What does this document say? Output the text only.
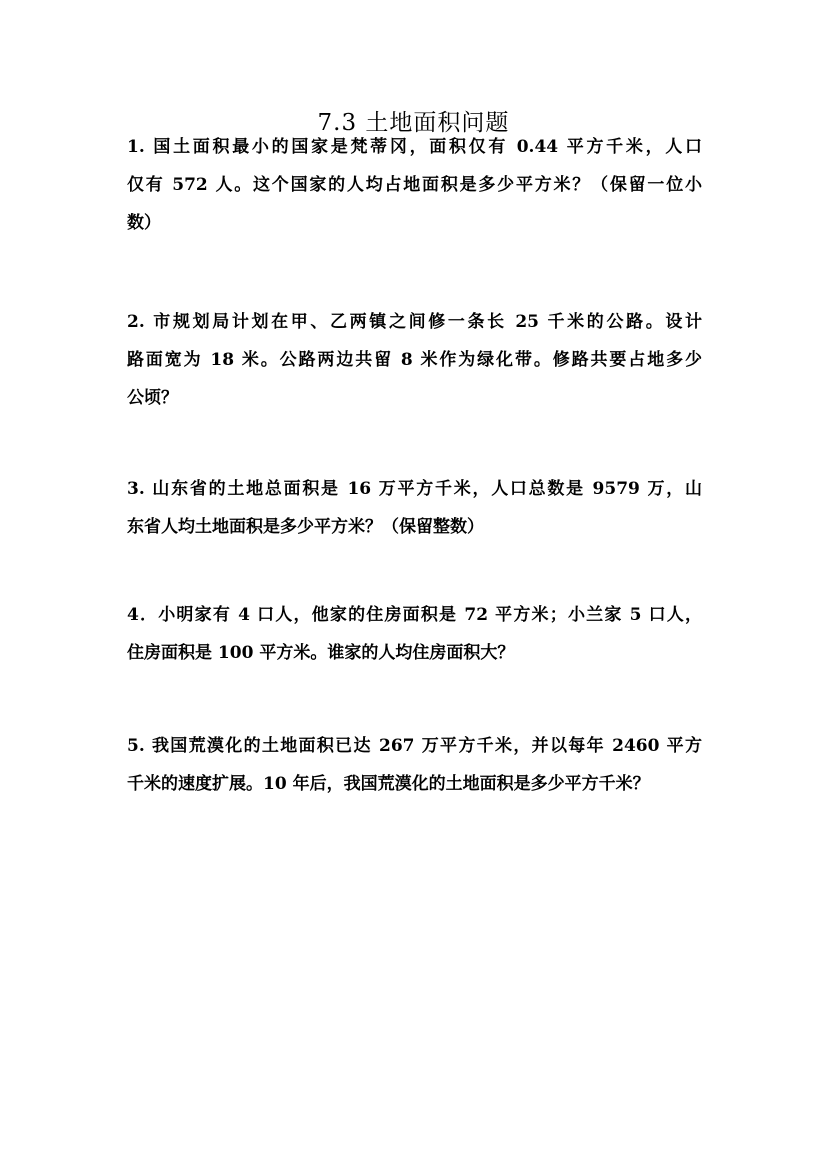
7.3 土地面积问题
1. 国土面积最小的国家是梵蒂冈，面积仅有 0.44 平方千米，人口
仅有 572 人。这个国家的人均占地面积是多少平方米？（保留一位小
数）
2. 市规划局计划在甲、乙两镇之间修一条长 25 千米的公路。设计
路面宽为 18 米。公路两边共留 8 米作为绿化带。修路共要占地多少
公顷？
3. 山东省的土地总面积是 16 万平方千米，人口总数是 9579 万，山
东省人均土地面积是多少平方米？（保留整数）
4．小明家有 4 口人，他家的住房面积是 72 平方米；小兰家 5 口人，
住房面积是 100 平方米。谁家的人均住房面积大？
5. 我国荒漠化的土地面积已达 267 万平方千米，并以每年 2460 平方
千米的速度扩展。10 年后，我国荒漠化的土地面积是多少平方千米？
